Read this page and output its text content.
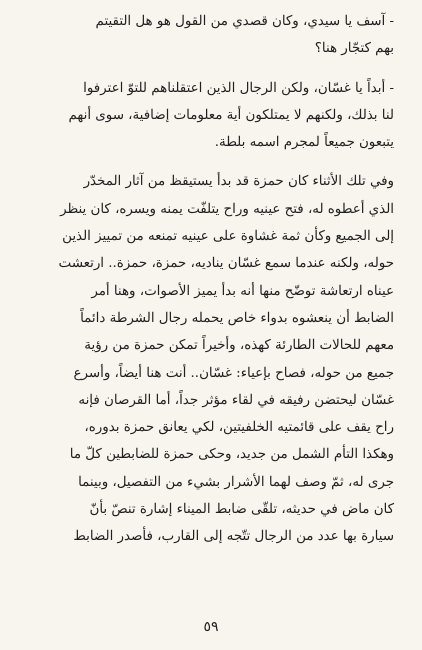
- آسف يا سيدي، وكان قصدي من القول هو هل التقيتم
بهم كتجّار هنا؟
- أبداً يا غسّان، ولكن الرجال الذين اعتقلناهم للتوّ اعترفوا
لنا بذلك، ولكنهم لا يمتلكون أية معلومات إضافية، سوى أنهم
يتبعون جميعاً لمجرم اسمه بلطة.
وفي تلك الأثناء كان حمزة قد بدأ يستيقظ من آثار المخدّر
الذي أعطوه له، فتح عينيه وراح يتلفّت يمنه ويسره، كان ينظر
إلى الجميع وكأن ثمة غشاوة على عينيه تمنعه من تمييز الذين
حوله، ولكنه عندما سمع غسّان يناديه، حمزة، حمزة.. ارتعشت
عيناه ارتعاشة توضّح منها أنه بدأ يميز الأصوات، وهنا أمر
الضابط أن ينعشوه بدواء خاص يحمله رجال الشرطة دائماً
معهم للحالات الطارئة كهذه، وأخيراً تمكن حمزة من رؤية
جميع من حوله، فصاح بإعياء: غسّان.. أنت هنا أيضاً، وأسرع
غسّان ليحتضن رفيقه في لقاء مؤثر جداً، أما القرصان فإنه
راح يقف على قائمتيه الخلفيتين، لكي يعانق حمزة بدوره،
وهكذا التأم الشمل من جديد، وحكى حمزة للضابطين كلّ ما
جرى له، ثمّ وصف لهما الأشرار بشيء من التفصيل، وبينما
كان ماض في حديثه، تلقّى ضابط الميناء إشارة تنصّ بأنّ
سيارة بها عدد من الرجال تتّجه إلى القارب، فأصدر الضابط
٥٩
